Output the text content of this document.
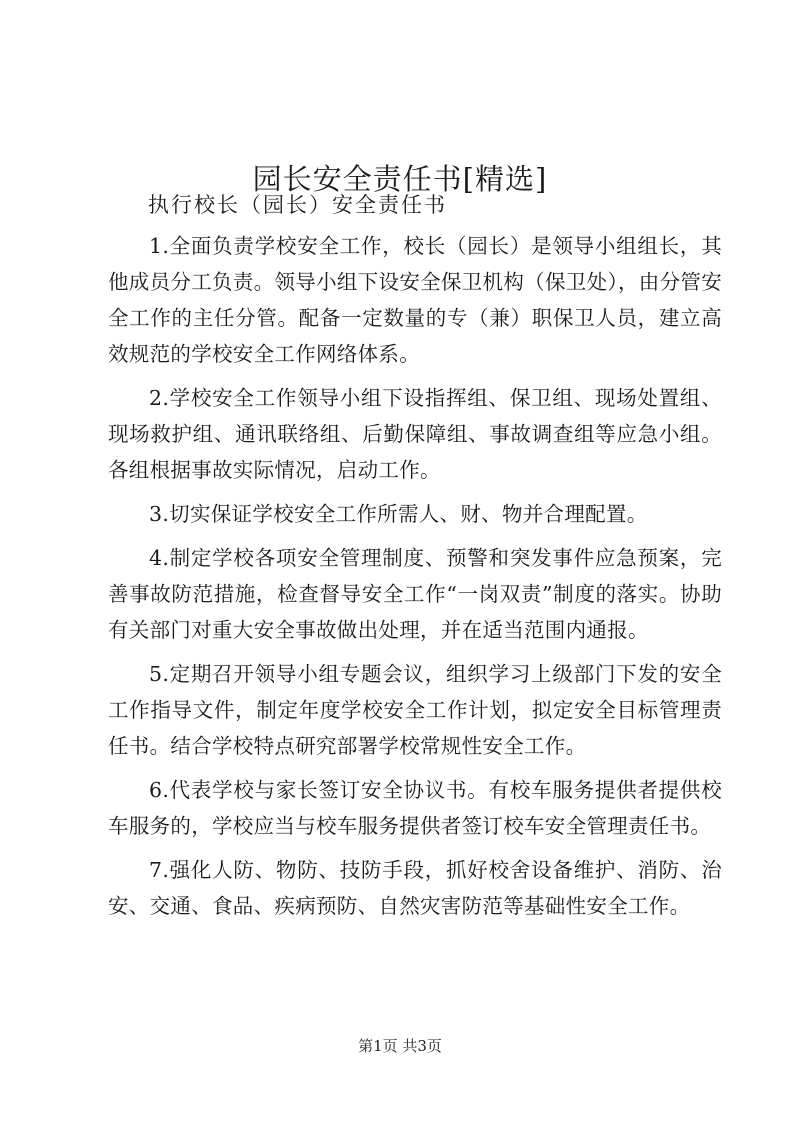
园长安全责任书[精选]
执行校长（园长）安全责任书

1.全面负责学校安全工作，校长（园长）是领导小组组长，其他成员分工负责。领导小组下设安全保卫机构（保卫处），由分管安全工作的主任分管。配备一定数量的专（兼）职保卫人员，建立高效规范的学校安全工作网络体系。

2.学校安全工作领导小组下设指挥组、保卫组、现场处置组、现场救护组、通讯联络组、后勤保障组、事故调查组等应急小组。各组根据事故实际情况，启动工作。

3.切实保证学校安全工作所需人、财、物并合理配置。

4.制定学校各项安全管理制度、预警和突发事件应急预案，完善事故防范措施，检查督导安全工作“一岗双责”制度的落实。协助有关部门对重大安全事故做出处理，并在适当范围内通报。

5.定期召开领导小组专题会议，组织学习上级部门下发的安全工作指导文件，制定年度学校安全工作计划，拟定安全目标管理责任书。结合学校特点研究部署学校常规性安全工作。

6.代表学校与家长签订安全协议书。有校车服务提供者提供校车服务的，学校应当与校车服务提供者签订校车安全管理责任书。

7.强化人防、物防、技防手段，抓好校舍设备维护、消防、治安、交通、食品、疾病预防、自然灾害防范等基础性安全工作。

第1页 共3页
